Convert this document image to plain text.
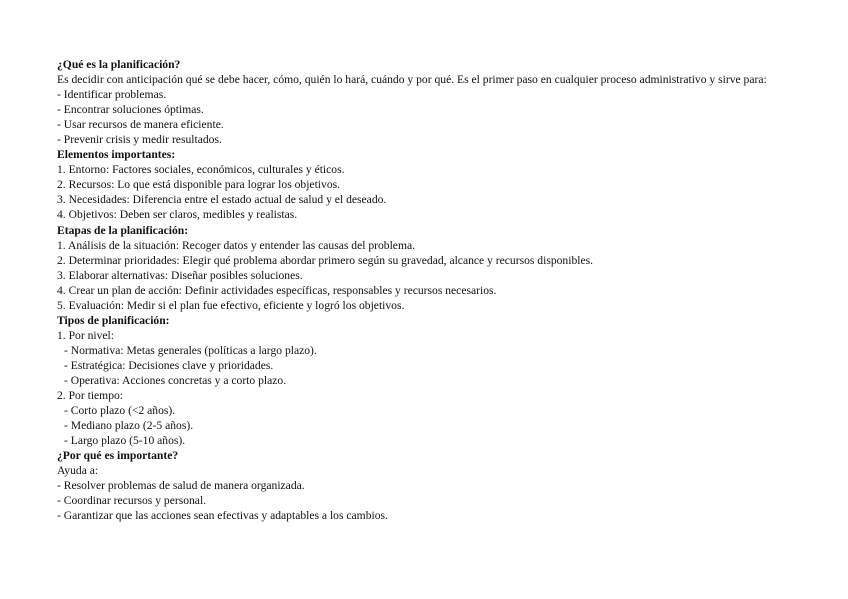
¿Qué es la planificación?
Es decidir con anticipación qué se debe hacer, cómo, quién lo hará, cuándo y por qué. Es el primer paso en cualquier proceso administrativo y sirve para:
- Identificar problemas.
- Encontrar soluciones óptimas.
- Usar recursos de manera eficiente.
- Prevenir crisis y medir resultados.
Elementos importantes:
1. Entorno: Factores sociales, económicos, culturales y éticos.
2. Recursos: Lo que está disponible para lograr los objetivos.
3. Necesidades: Diferencia entre el estado actual de salud y el deseado.
4. Objetivos: Deben ser claros, medibles y realistas.
Etapas de la planificación:
1. Análisis de la situación: Recoger datos y entender las causas del problema.
2. Determinar prioridades: Elegir qué problema abordar primero según su gravedad, alcance y recursos disponibles.
3. Elaborar alternativas: Diseñar posibles soluciones.
4. Crear un plan de acción: Definir actividades específicas, responsables y recursos necesarios.
5. Evaluación: Medir si el plan fue efectivo, eficiente y logró los objetivos.
Tipos de planificación:
1. Por nivel:
- Normativa: Metas generales (políticas a largo plazo).
- Estratégica: Decisiones clave y prioridades.
- Operativa: Acciones concretas y a corto plazo.
2. Por tiempo:
- Corto plazo (<2 años).
- Mediano plazo (2-5 años).
- Largo plazo (5-10 años).
¿Por qué es importante?
Ayuda a:
- Resolver problemas de salud de manera organizada.
- Coordinar recursos y personal.
- Garantizar que las acciones sean efectivas y adaptables a los cambios.
